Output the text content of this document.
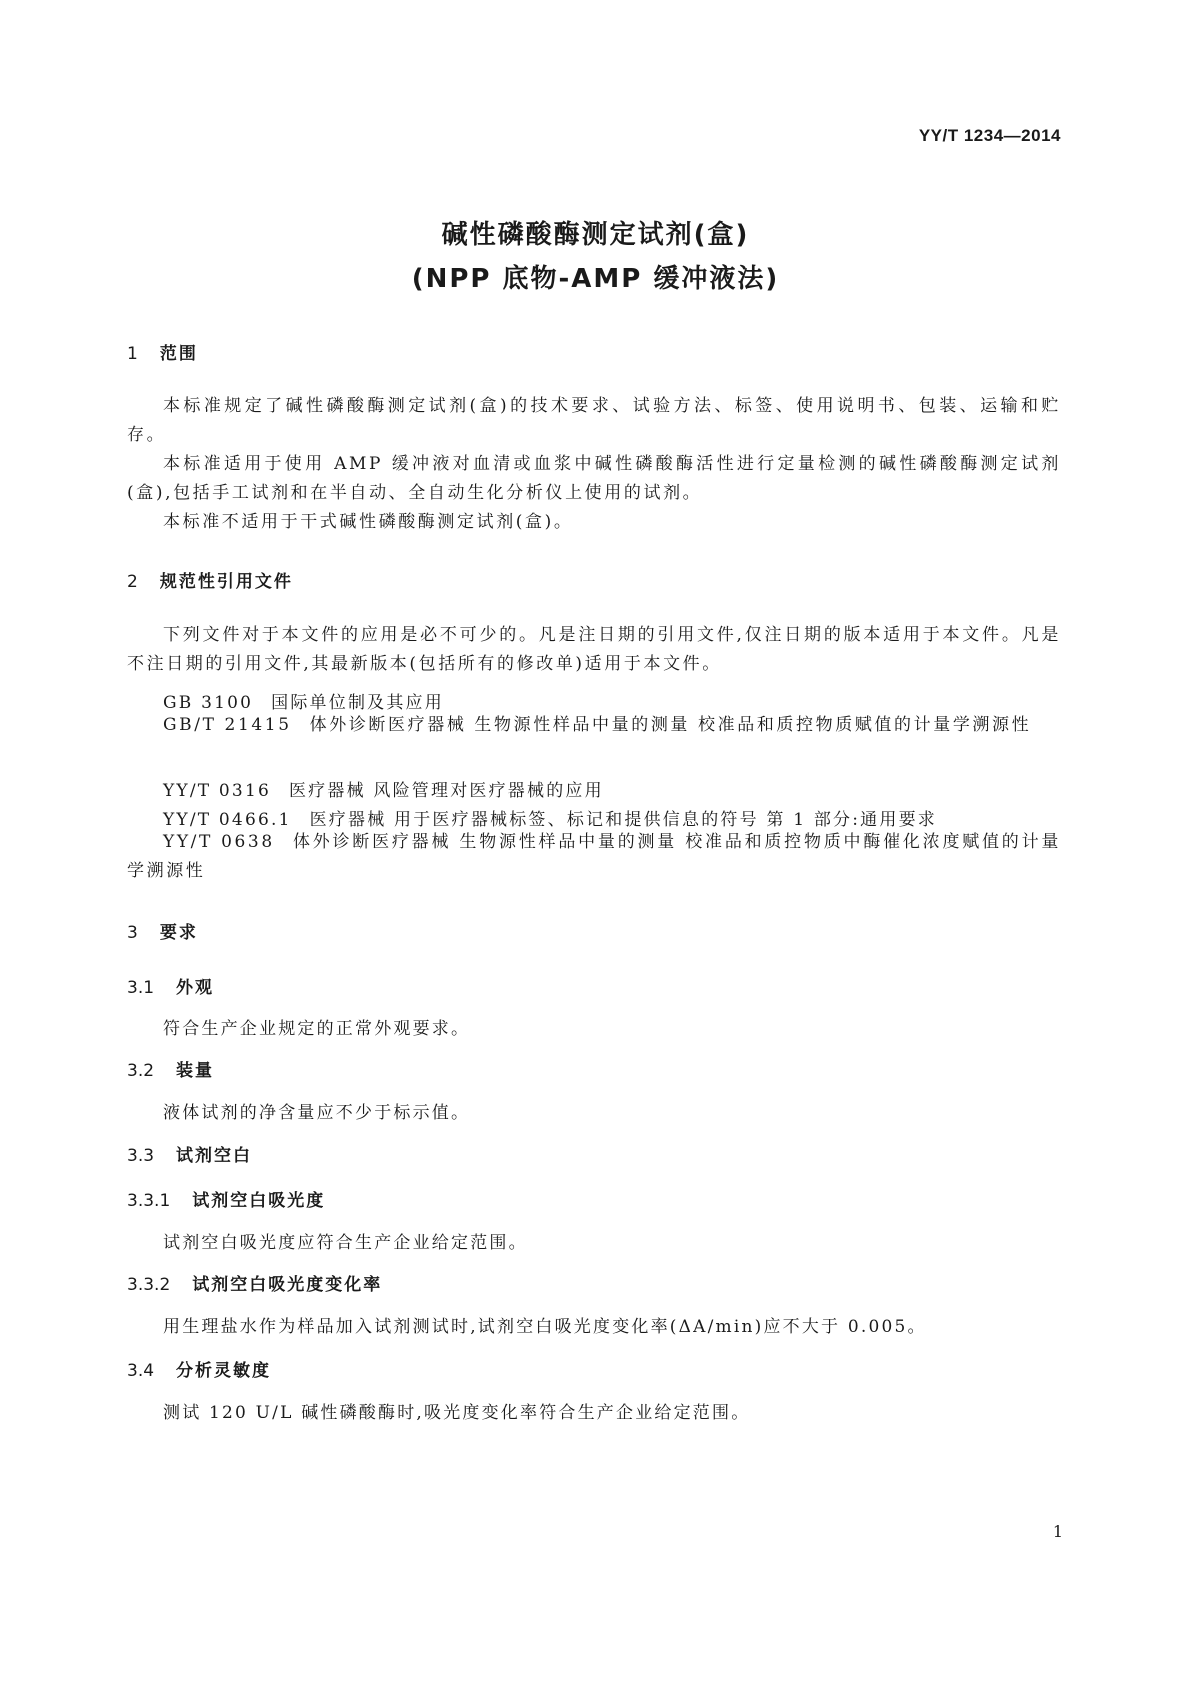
YY/T 1234—2014
碱性磷酸酶测定试剂(盒)
(NPP 底物-AMP 缓冲液法)
1 范围
本标准规定了碱性磷酸酶测定试剂(盒)的技术要求、试验方法、标签、使用说明书、包装、运输和贮存。
本标准适用于使用 AMP 缓冲液对血清或血浆中碱性磷酸酶活性进行定量检测的碱性磷酸酶测定试剂(盒),包括手工试剂和在半自动、全自动生化分析仪上使用的试剂。
本标准不适用于干式碱性磷酸酶测定试剂(盒)。
2 规范性引用文件
下列文件对于本文件的应用是必不可少的。凡是注日期的引用文件,仅注日期的版本适用于本文件。凡是不注日期的引用文件,其最新版本(包括所有的修改单)适用于本文件。
GB 3100 国际单位制及其应用
GB/T 21415 体外诊断医疗器械 生物源性样品中量的测量 校准品和质控物质赋值的计量学溯源性
YY/T 0316 医疗器械 风险管理对医疗器械的应用
YY/T 0466.1 医疗器械 用于医疗器械标签、标记和提供信息的符号 第 1 部分:通用要求
YY/T 0638 体外诊断医疗器械 生物源性样品中量的测量 校准品和质控物质中酶催化浓度赋值的计量学溯源性
3 要求
3.1 外观
符合生产企业规定的正常外观要求。
3.2 装量
液体试剂的净含量应不少于标示值。
3.3 试剂空白
3.3.1 试剂空白吸光度
试剂空白吸光度应符合生产企业给定范围。
3.3.2 试剂空白吸光度变化率
用生理盐水作为样品加入试剂测试时,试剂空白吸光度变化率(ΔA/min)应不大于 0.005。
3.4 分析灵敏度
测试 120 U/L 碱性磷酸酶时,吸光度变化率符合生产企业给定范围。
1
